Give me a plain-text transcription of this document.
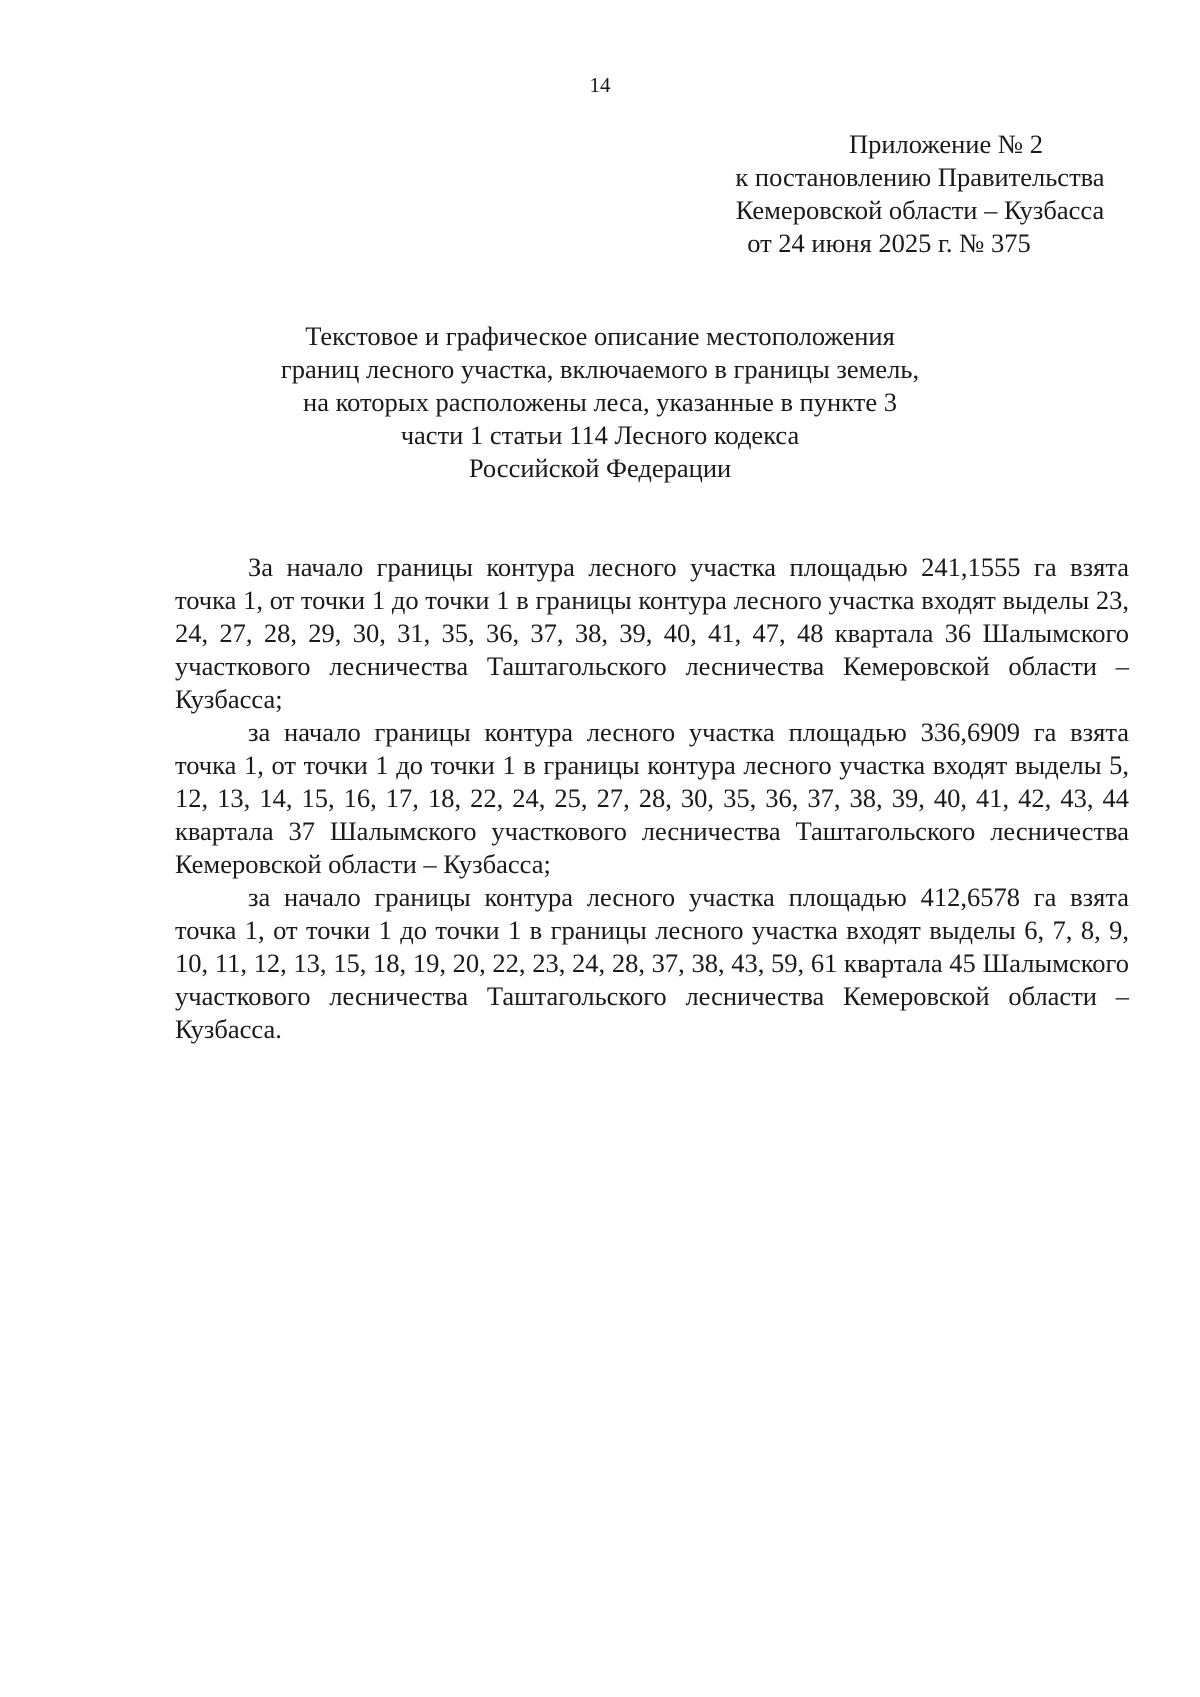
14
Приложение № 2
к постановлению Правительства
Кемеровской области – Кузбасса
от 24 июня 2025 г. № 375
Текстовое и графическое описание местоположения
границ лесного участка, включаемого в границы земель,
на которых расположены леса, указанные в пункте 3
части 1 статьи 114 Лесного кодекса
Российской Федерации

За начало границы контура лесного участка площадью 241,1555 га взята точка 1, от точки 1 до точки 1 в границы контура лесного участка входят выделы 23, 24, 27, 28, 29, 30, 31, 35, 36, 37, 38, 39, 40, 41, 47, 48 квартала 36 Шалымского участкового лесничества Таштагольского лесничества Кемеровской области – Кузбасса;

за начало границы контура лесного участка площадью 336,6909 га взята точка 1, от точки 1 до точки 1 в границы контура лесного участка входят выделы 5, 12, 13, 14, 15, 16, 17, 18, 22, 24, 25, 27, 28, 30, 35, 36, 37, 38, 39, 40, 41, 42, 43, 44 квартала 37 Шалымского участкового лесничества Таштагольского лесничества Кемеровской области – Кузбасса;

за начало границы контура лесного участка площадью 412,6578 га взята точка 1, от точки 1 до точки 1 в границы лесного участка входят выделы 6, 7, 8, 9, 10, 11, 12, 13, 15, 18, 19, 20, 22, 23, 24, 28, 37, 38, 43, 59, 61 квартала 45 Шалымского участкового лесничества Таштагольского лесничества Кемеровской области – Кузбасса.
